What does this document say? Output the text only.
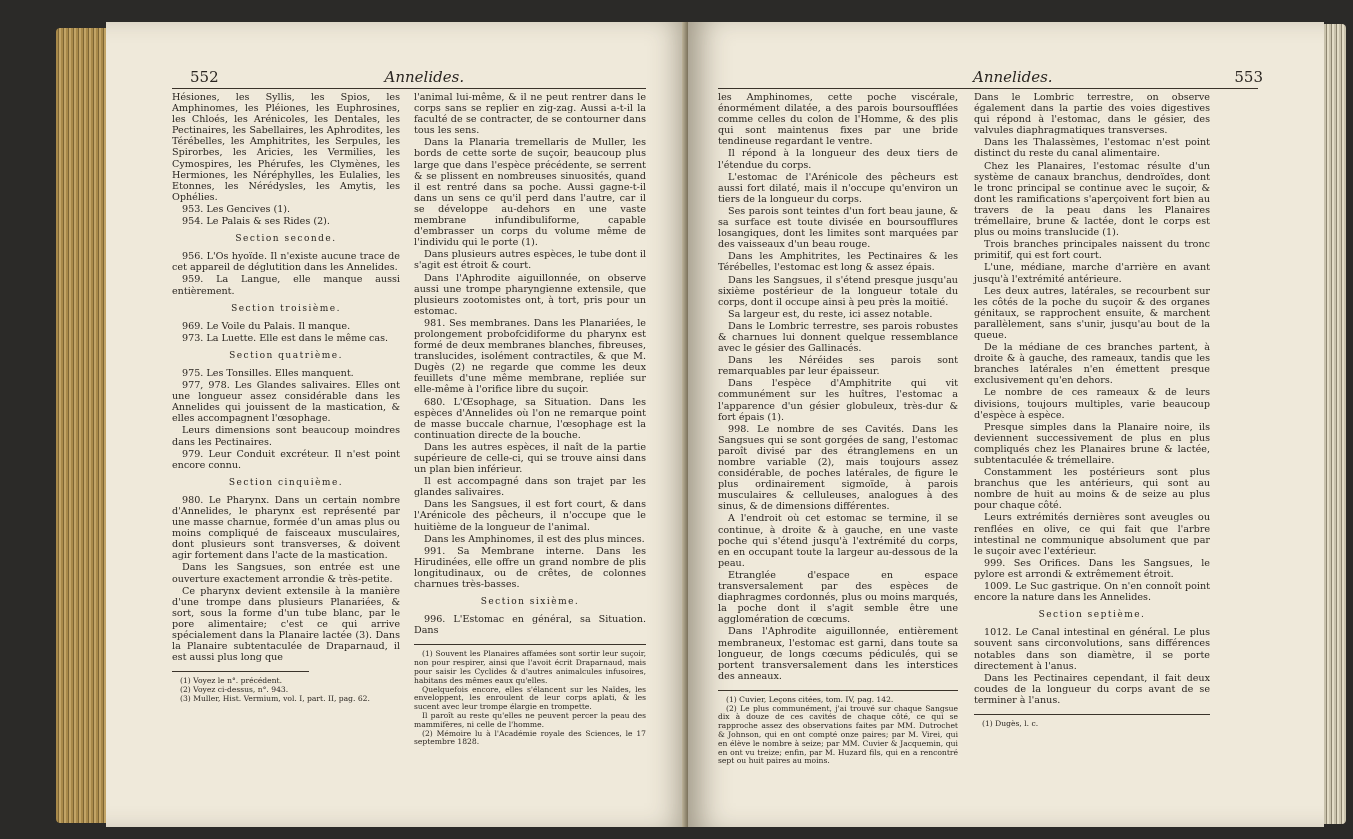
552	Annelides.

Hésiones, les Syllis, les Spios, les Amphinomes, les Pléiones, les Euphrosines, les Chloés, les Arénicoles, les Dentales, les Pectinaires, les Sabellaires, les Aphrodites, les Térébelles, les Amphitrites, les Serpules, les Spirorbes, les Aricies, les Vermilies, les Cymospires, les Phérufes, les Clymènes, les Hermiones, les Néréphylles, les Eulalies, les Etonnes, les Nérédysles, les Amytis, les Ophélies.

953. Les Gencives (1).

954. Le Palais & ses Rides (2).

Section seconde.

956. L'Os hyoïde. Il n'existe aucune trace de cet appareil de déglutition dans les Annelides.

959. La Langue, elle manque aussi entièrement.

Section troisième.

969. Le Voile du Palais. Il manque.

973. La Luette. Elle est dans le même cas.

Section quatrième.

975. Les Tonsilles. Elles manquent.

977, 978. Les Glandes salivaires. Elles ont une longueur assez considérable dans les Annelides qui jouissent de la mastication, & elles accompagnent l'œsophage.

Leurs dimensions sont beaucoup moindres dans les Pectinaires.

979. Leur Conduit excréteur. Il n'est point encore connu.

Section cinquième.

980. Le Pharynx. Dans un certain nombre d'Annelides, le pharynx est représenté par une masse charnue, formée d'un amas plus ou moins compliqué de faisceaux musculaires, dont plusieurs sont transverses, & doivent agir fortement dans l'acte de la mastication.

Dans les Sangsues, son entrée est une ouverture exactement arrondie & très-petite.

Ce pharynx devient extensile à la manière d'une trompe dans plusieurs Planariées, & sort, sous la forme d'un tube blanc, par le pore alimentaire; c'est ce qui arrive spécialement dans la Planaire lactée (3). Dans la Planaire subtentaculée de Draparnaud, il est aussi plus long que

(1) Voyez le n°. précédent.

(2) Voyez ci-dessus, n°. 943.

(3) Muller, Hist. Vermium, vol. I, part. II, pag. 62.

l'animal lui-même, & il ne peut rentrer dans le corps sans se replier en zig-zag. Aussi a-t-il la faculté de se contracter, de se contourner dans tous les sens.

Dans la Planaria tremellaris de Muller, les bords de cette sorte de suçoir, beaucoup plus large que dans l'espèce précédente, se serrent & se plissent en nombreuses sinuosités, quand il est rentré dans sa poche. Aussi gagne-t-il dans un sens ce qu'il perd dans l'autre, car il se développe au-dehors en une vaste membrane infundibuliforme, capable d'embrasser un corps du volume même de l'individu qui le porte (1).

Dans plusieurs autres espèces, le tube dont il s'agit est étroit & court.

Dans l'Aphrodite aiguillonnée, on observe aussi une trompe pharyngienne extensile, que plusieurs zootomistes ont, à tort, pris pour un estomac.

981. Ses membranes. Dans les Planariées, le prolongement probofcidiforme du pharynx est formé de deux membranes blanches, fibreuses, translucides, isolément contractiles, & que M. Dugès (2) ne regarde que comme les deux feuillets d'une même membrane, repliée sur elle-même à l'orifice libre du suçoir.

680. L'Œsophage, sa Situation. Dans les espèces d'Annelides où l'on ne remarque point de masse buccale charnue, l'œsophage est la continuation directe de la bouche.

Dans les autres espèces, il naît de la partie supérieure de celle-ci, qui se trouve ainsi dans un plan bien inférieur.

Il est accompagné dans son trajet par les glandes salivaires.

Dans les Sangsues, il est fort court, & dans l'Arénicole des pêcheurs, il n'occupe que le huitième de la longueur de l'animal.

Dans les Amphinomes, il est des plus minces.

991. Sa Membrane interne. Dans les Hirudinées, elle offre un grand nombre de plis longitudinaux, ou de crêtes, de colonnes charnues très-basses.

Section sixième.

996. L'Estomac en général, sa Situation. Dans

(1) Souvent les Planaires affamées sont sortir leur suçoir, non pour respirer, ainsi que l'avoit écrit Draparnaud, mais pour saisir les Cyclides & d'autres animalcules infusoires, habitans des mêmes eaux qu'elles.

Quelquefois encore, elles s'élancent sur les Naïdes, les enveloppent, les enroulent de leur corps aplati, & les sucent avec leur trompe élargie en trompette.

Il paroît au reste qu'elles ne peuvent percer la peau des mammifères, ni celle de l'homme.

(2) Mémoire lu à l'Académie royale des Sciences, le 17 septembre 1828.

Annelides.	553

les Amphinomes, cette poche viscérale, énormément dilatée, a des parois boursoufflées comme celles du colon de l'Homme, & des plis qui sont maintenus fixes par une bride tendineuse regardant le ventre.

Il répond à la longueur des deux tiers de l'étendue du corps.

L'estomac de l'Arénicole des pêcheurs est aussi fort dilaté, mais il n'occupe qu'environ un tiers de la longueur du corps.

Ses parois sont teintes d'un fort beau jaune, & sa surface est toute divisée en boursoufflures losangiques, dont les limites sont marquées par des vaisseaux d'un beau rouge.

Dans les Amphitrites, les Pectinaires & les Térébelles, l'estomac est long & assez épais.

Dans les Sangsues, il s'étend presque jusqu'au sixième postérieur de la longueur totale du corps, dont il occupe ainsi à peu près la moitié.

Sa largeur est, du reste, ici assez notable.

Dans le Lombric terrestre, ses parois robustes & charnues lui donnent quelque ressemblance avec le gésier des Gallinacés.

Dans les Néréides ses parois sont remarquables par leur épaisseur.

Dans l'espèce d'Amphitrite qui vit communément sur les huîtres, l'estomac a l'apparence d'un gésier globuleux, très-dur & fort épais (1).

998. Le nombre de ses Cavités. Dans les Sangsues qui se sont gorgées de sang, l'estomac paroît divisé par des étranglemens en un nombre variable (2), mais toujours assez considérable, de poches latérales, de figure le plus ordinairement sigmoïde, à parois musculaires & celluleuses, analogues à des sinus, & de dimensions différentes.

A l'endroit où cet estomac se termine, il se continue, à droite & à gauche, en une vaste poche qui s'étend jusqu'à l'extrémité du corps, en en occupant toute la largeur au-dessous de la peau.

Etranglée d'espace en espace transversalement par des espèces de diaphragmes cordonnés, plus ou moins marqués, la poche dont il s'agit semble être une agglomération de cœcums.

Dans l'Aphrodite aiguillonnée, entièrement membraneux, l'estomac est garni, dans toute sa longueur, de longs cœcums pédiculés, qui se portent transversalement dans les interstices des anneaux.

(1) Cuvier, Leçons citées, tom. IV, pag. 142.

(2) Le plus communément, j'ai trouvé sur chaque Sangsue dix à douze de ces cavités de chaque côté, ce qui se rapproche assez des observations faites par MM. Dutrochet & Johnson, qui en ont compté onze paires; par M. Virei, qui en élève le nombre à seize; par MM. Cuvier & Jacquemin, qui en ont vu treize; enfin, par M. Huzard fils, qui en a rencontré sept ou huit paires au moins.

Dans le Lombric terrestre, on observe également dans la partie des voies digestives qui répond à l'estomac, dans le gésier, des valvules diaphragmatiques transverses.

Dans les Thalassèmes, l'estomac n'est point distinct du reste du canal alimentaire.

Chez les Planaires, l'estomac résulte d'un système de canaux branchus, dendroïdes, dont le tronc principal se continue avec le suçoir, & dont les ramifications s'aperçoivent fort bien au travers de la peau dans les Planaires trémellaire, brune & lactée, dont le corps est plus ou moins translucide (1).

Trois branches principales naissent du tronc primitif, qui est fort court.

L'une, médiane, marche d'arrière en avant jusqu'à l'extrémité antérieure.

Les deux autres, latérales, se recourbent sur les côtés de la poche du suçoir & des organes génitaux, se rapprochent ensuite, & marchent parallèlement, sans s'unir, jusqu'au bout de la queue.

De la médiane de ces branches partent, à droite & à gauche, des rameaux, tandis que les branches latérales n'en émettent presque exclusivement qu'en dehors.

Le nombre de ces rameaux & de leurs divisions, toujours multiples, varie beaucoup d'espèce à espèce.

Presque simples dans la Planaire noire, ils deviennent successivement de plus en plus compliqués chez les Planaires brune & lactée, subtentaculée & trémellaire.

Constamment les postérieurs sont plus branchus que les antérieurs, qui sont au nombre de huit au moins & de seize au plus pour chaque côté.

Leurs extrémités dernières sont aveugles ou renflées en olive, ce qui fait que l'arbre intestinal ne communique absolument que par le suçoir avec l'extérieur.

999. Ses Orifices. Dans les Sangsues, le pylore est arrondi & extrêmement étroit.

1009. Le Suc gastrique. On n'en connoît point encore la nature dans les Annelides.

Section septième.

1012. Le Canal intestinal en général. Le plus souvent sans circonvolutions, sans différences notables dans son diamètre, il se porte directement à l'anus.

Dans les Pectinaires cependant, il fait deux coudes de la longueur du corps avant de se terminer à l'anus.

(1) Dugès, l. c.
